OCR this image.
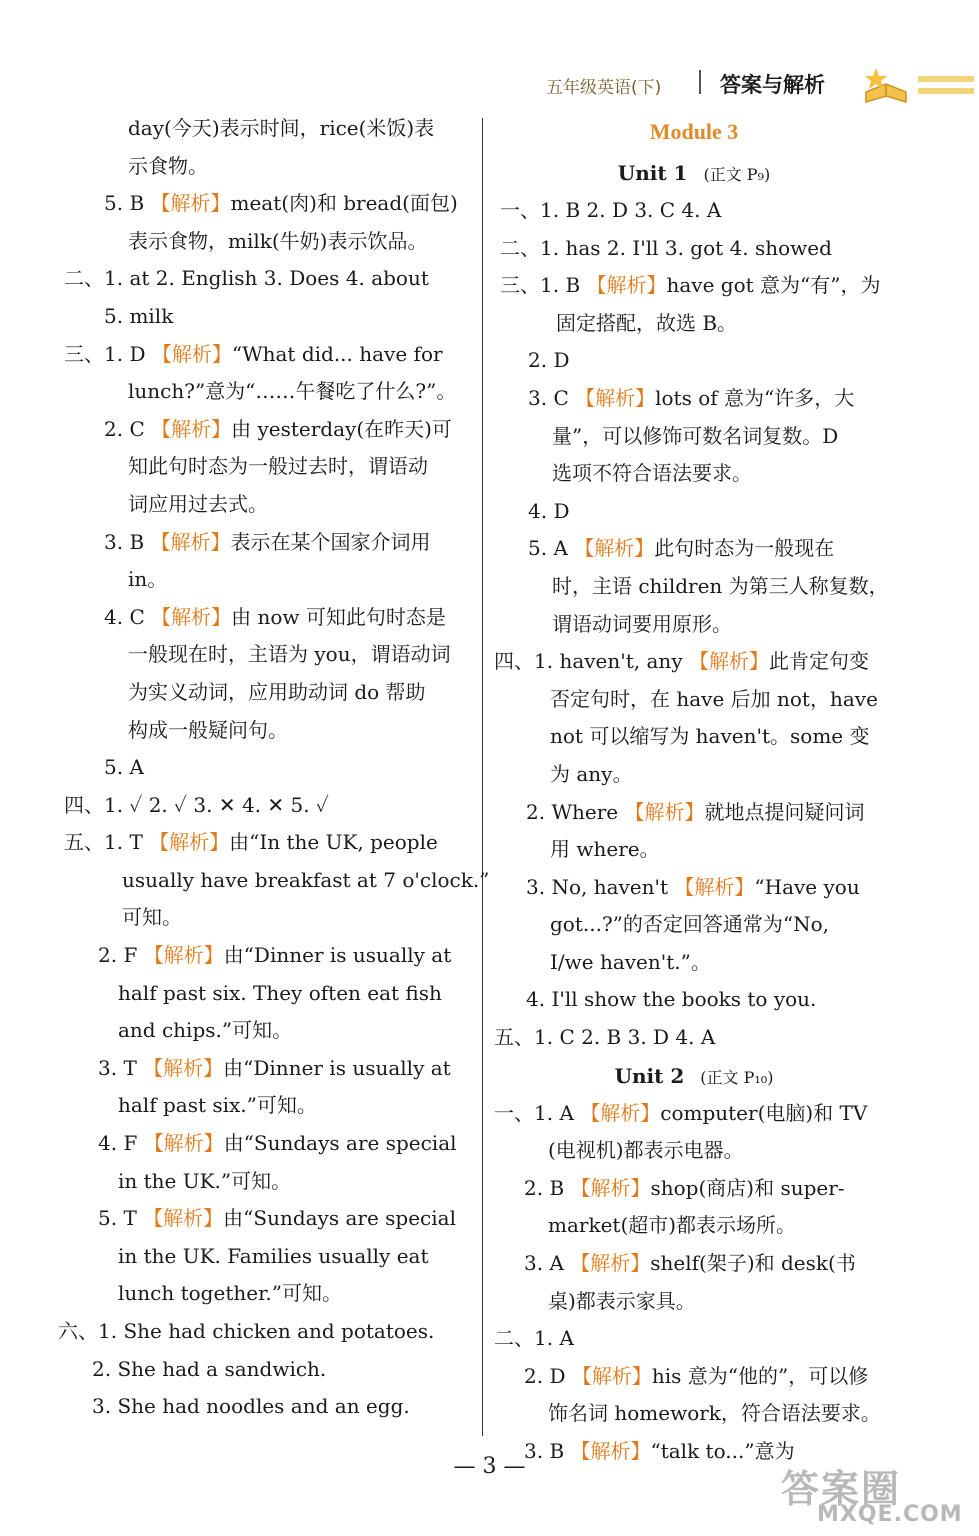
五年级英语(下)	答案与解析
day(今天)表示时间，rice(米饭)表
示食物。
5. B 【解析】meat(肉)和 bread(面包)
表示食物，milk(牛奶)表示饮品。
二、1. at 2. English 3. Does 4. about
5. milk
三、1. D 【解析】“What did... have for
lunch?”意为“……午餐吃了什么?”。
2. C 【解析】由 yesterday(在昨天)可
知此句时态为一般过去时，谓语动
词应用过去式。
3. B 【解析】表示在某个国家介词用
in。
4. C 【解析】由 now 可知此句时态是
一般现在时，主语为 you，谓语动词
为实义动词，应用助动词 do 帮助
构成一般疑问句。
5. A
四、1. ✓ 2. ✓ 3. ✕ 4. ✕ 5. ✓
五、1. T 【解析】由“In the UK, people
usually have breakfast at 7 o'clock.”
可知。
2. F 【解析】由“Dinner is usually at
half past six. They often eat fish
and chips.”可知。
3. T 【解析】由“Dinner is usually at
half past six.”可知。
4. F 【解析】由“Sundays are special
in the UK.”可知。
5. T 【解析】由“Sundays are special
in the UK. Families usually eat
lunch together.”可知。
六、1. She had chicken and potatoes.
2. She had a sandwich.
3. She had noodles and an egg.
Module 3
Unit 1 (正文 P₉)
一、1. B 2. D 3. C 4. A
二、1. has 2. I'll 3. got 4. showed
三、1. B 【解析】have got 意为“有”，为
固定搭配，故选 B。
2. D
3. C 【解析】lots of 意为“许多，大
量”，可以修饰可数名词复数。D
选项不符合语法要求。
4. D
5. A 【解析】此句时态为一般现在
时，主语 children 为第三人称复数，
谓语动词要用原形。
四、1. haven't, any 【解析】此肯定句变
否定句时，在 have 后加 not，have
not 可以缩写为 haven't。some 变
为 any。
2. Where 【解析】就地点提问疑问词
用 where。
3. No, haven't 【解析】“Have you
got...?”的否定回答通常为“No,
I/we haven't.”。
4. I'll show the books to you.
五、1. C 2. B 3. D 4. A
Unit 2 (正文 P₁₀)
一、1. A 【解析】computer(电脑)和 TV
(电视机)都表示电器。
2. B 【解析】shop(商店)和 super-
market(超市)都表示场所。
3. A 【解析】shelf(架子)和 desk(书
桌)都表示家具。
二、1. A
2. D 【解析】his 意为“他的”，可以修
饰名词 homework，符合语法要求。
3. B 【解析】“talk to...”意为
— 3 —
答案圈
MXQE.COM
